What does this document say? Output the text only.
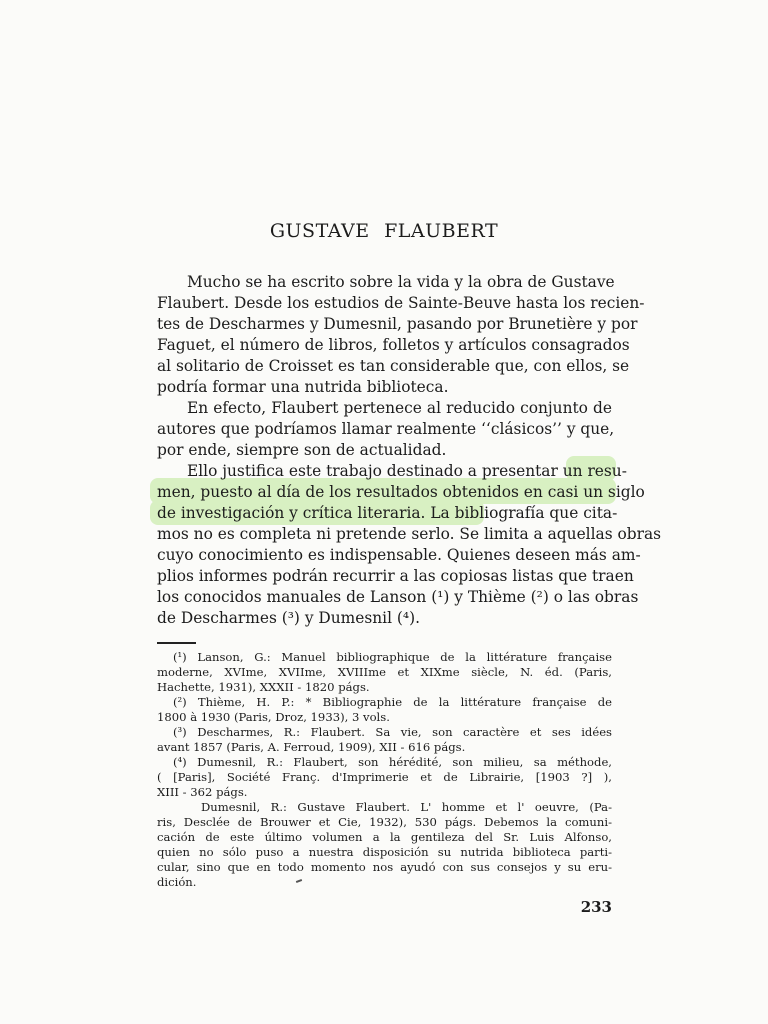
GUSTAVE FLAUBERT
Mucho se ha escrito sobre la vida y la obra de Gustave
Flaubert. Desde los estudios de Sainte-Beuve hasta los recien-
tes de Descharmes y Dumesnil, pasando por Brunetière y por
Faguet, el número de libros, folletos y artículos consagrados
al solitario de Croisset es tan considerable que, con ellos, se
podría formar una nutrida biblioteca.
En efecto, Flaubert pertenece al reducido conjunto de
autores que podríamos llamar realmente ‘‘clásicos’’ y que,
por ende, siempre son de actualidad.
Ello justifica este trabajo destinado a presentar un resu-
men, puesto al día de los resultados obtenidos en casi un siglo
de investigación y crítica literaria. La bibliografía que cita-
mos no es completa ni pretende serlo. Se limita a aquellas obras
cuyo conocimiento es indispensable. Quienes deseen más am-
plios informes podrán recurrir a las copiosas listas que traen
los conocidos manuales de Lanson (¹) y Thième (²) o las obras
de Descharmes (³) y Dumesnil (⁴).
(¹) Lanson, G.: Manuel bibliographique de la littérature française
moderne, XVIme, XVIIme, XVIIIme et XIXme siècle, N. éd. (Paris,
Hachette, 1931), XXXII - 1820 págs.
(²) Thième, H. P.: * Bibliographie de la littérature française de
1800 à 1930 (Paris, Droz, 1933), 3 vols.
(³) Descharmes, R.: Flaubert. Sa vie, son caractère et ses idées
avant 1857 (Paris, A. Ferroud, 1909), XII - 616 págs.
(⁴) Dumesnil, R.: Flaubert, son hérédité, son milieu, sa méthode,
( [Paris], Société Franç. d'Imprimerie et de Librairie, [1903 ?] ),
XIII - 362 págs.
Dumesnil, R.: Gustave Flaubert. L' homme et l' oeuvre, (Pa-
ris, Desclée de Brouwer et Cie, 1932), 530 págs. Debemos la comuni-
cación de este último volumen a la gentileza del Sr. Luis Alfonso,
quien no sólo puso a nuestra disposición su nutrida biblioteca parti-
cular, sino que en todo momento nos ayudó con sus consejos y su eru-
dición.
233
